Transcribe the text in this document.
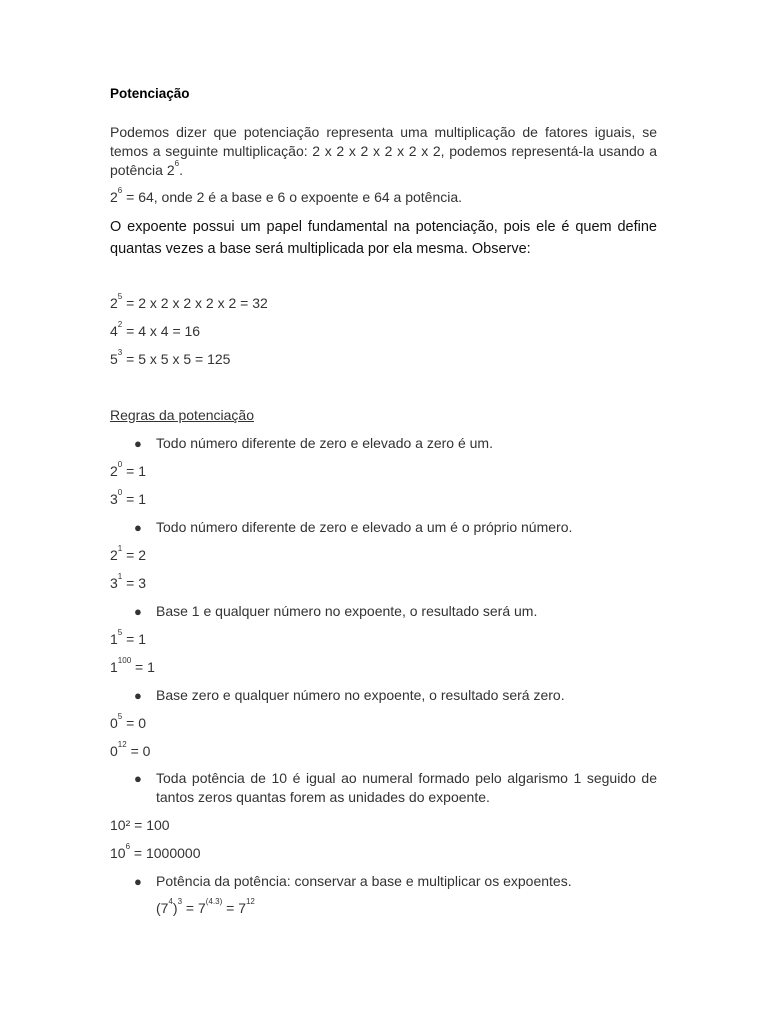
Potenciação
Podemos dizer que potenciação representa uma multiplicação de fatores iguais, se temos a seguinte multiplicação: 2 x 2 x 2 x 2 x 2 x 2, podemos representá-la usando a potência $2^6$.
$2^6 = 64$, onde 2 é a base e 6 o expoente e 64 a potência.
O expoente possui um papel fundamental na potenciação, pois ele é quem define quantas vezes a base será multiplicada por ela mesma. Observe:
$2^5 = 2$ x 2 x 2 x 2 x 2 = 32
$4^2 = 4$ x 4 = 16
$5^3 = 5$ x 5 x 5 = 125
Regras da potenciação
● Todo número diferente de zero e elevado a zero é um.
$2^0 = 1$
$3^0 = 1$
● Todo número diferente de zero e elevado a um é o próprio número.
$2^1 = 2$
$3^1 = 3$
● Base 1 e qualquer número no expoente, o resultado será um.
$1^5 = 1$
$1^{100} = 1$
● Base zero e qualquer número no expoente, o resultado será zero.
$0^5 = 0$
$0^{12} = 0$
● Toda potência de 10 é igual ao numeral formado pelo algarismo 1 seguido de tantos zeros quantas forem as unidades do expoente.
10² = 100
$10^6 = 1000000$
● Potência da potência: conservar a base e multiplicar os expoentes.
$(7^4)^3 = 7^{(4.3)} = 7^{12}$
